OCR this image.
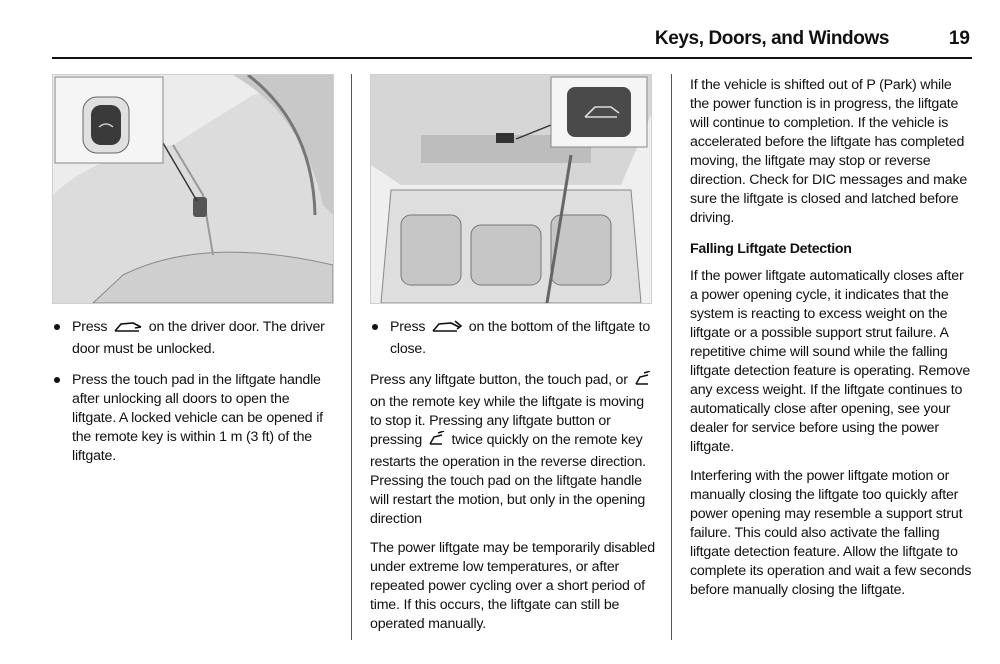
Keys, Doors, and Windows	19
Press	on the driver door. The driver door must be unlocked.
Press the touch pad in the liftgate handle after unlocking all doors to open the liftgate. A locked vehicle can be opened if the remote key is within 1 m (3 ft) of the liftgate.
Press	on the bottom of the liftgate to close.

Press any liftgate button, the touch pad, or  on the remote key while the liftgate is moving to stop it. Pressing any liftgate button or pressing twice quickly on the remote key restarts the operation in the reverse direction. Pressing the touch pad on the liftgate handle will restart the motion, but only in the opening direction

The power liftgate may be temporarily disabled under extreme low temperatures, or after repeated power cycling over a short period of time. If this occurs, the liftgate can still be operated manually.

If the vehicle is shifted out of P (Park) while the power function is in progress, the liftgate will continue to completion. If the vehicle is accelerated before the liftgate has completed moving, the liftgate may stop or reverse direction. Check for DIC messages and make sure the liftgate is closed and latched before driving.

Falling Liftgate Detection

If the power liftgate automatically closes after a power opening cycle, it indicates that the system is reacting to excess weight on the liftgate or a possible support strut failure. A repetitive chime will sound while the falling liftgate detection feature is operating. Remove any excess weight. If the liftgate continues to automatically close after opening, see your dealer for service before using the power liftgate.

Interfering with the power liftgate motion or manually closing the liftgate too quickly after power opening may resemble a support strut failure. This could also activate the falling liftgate detection feature. Allow the liftgate to complete its operation and wait a few seconds before manually closing the liftgate.
